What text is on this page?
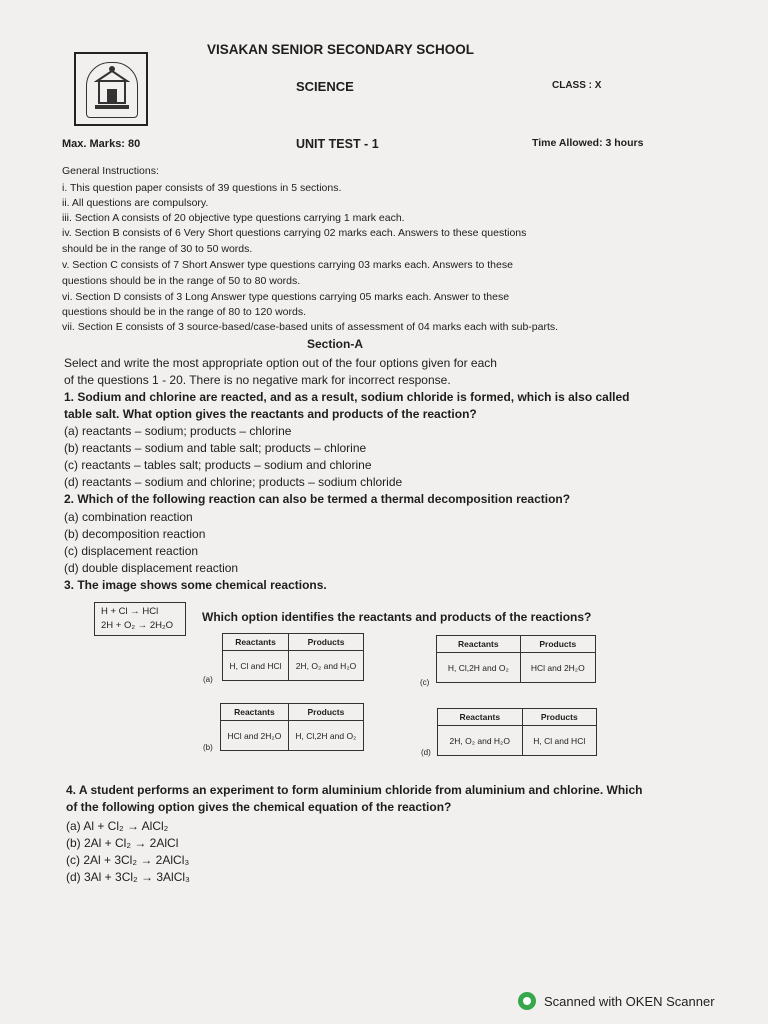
VISAKAN SENIOR SECONDARY SCHOOL
SCIENCE	CLASS : X
Max. Marks: 80	UNIT TEST - 1	Time Allowed: 3 hours
General Instructions:
i. This question paper consists of 39 questions in 5 sections.
ii. All questions are compulsory.
iii. Section A consists of 20 objective type questions carrying 1 mark each.
iv. Section B consists of 6 Very Short questions carrying 02 marks each. Answers to these questions
should be in the range of 30 to 50 words.
v. Section C consists of 7 Short Answer type questions carrying 03 marks each. Answers to these
questions should be in the range of 50 to 80 words.
vi. Section D consists of 3 Long Answer type questions carrying 05 marks each. Answer to these
questions should be in the range of 80 to 120 words.
vii. Section E consists of 3 source-based/case-based units of assessment of 04 marks each with sub-parts.
Section-A
Select and write the most appropriate option out of the four options given for each
of the questions 1 - 20. There is no negative mark for incorrect response.
1. Sodium and chlorine are reacted, and as a result, sodium chloride is formed, which is also called
table salt. What option gives the reactants and products of the reaction?
(a) reactants – sodium; products – chlorine
(b) reactants – sodium and table salt; products – chlorine
(c) reactants – tables salt; products – sodium and chlorine
(d) reactants – sodium and chlorine; products – sodium chloride
2. Which of the following reaction can also be termed a thermal decomposition reaction?
(a) combination reaction
(b) decomposition reaction
(c) displacement reaction
(d) double displacement reaction
3. The image shows some chemical reactions.
H + Cl → HCl
2H + O₂ → 2H₂O
Which option identifies the reactants and products of the reactions?
(a)
Reactants	Products
H, Cl and HCl	2H, O₂ and H₂O
(c)
Reactants	Products
H, Cl,2H and O₂	HCl and 2H₂O
(b)
Reactants	Products
HCl and 2H₂O	H, Cl,2H and O₂
(d)
Reactants	Products
2H, O₂ and H₂O	H, Cl and HCl
4. A student performs an experiment to form aluminium chloride from aluminium and chlorine. Which
of the following option gives the chemical equation of the reaction?
(a) Al + Cl₂ → AlCl₂
(b) 2Al + Cl₂ → 2AlCl
(c) 2Al + 3Cl₂ → 2AlCl₃
(d) 3Al + 3Cl₂ → 3AlCl₃
Scanned with OKEN Scanner
